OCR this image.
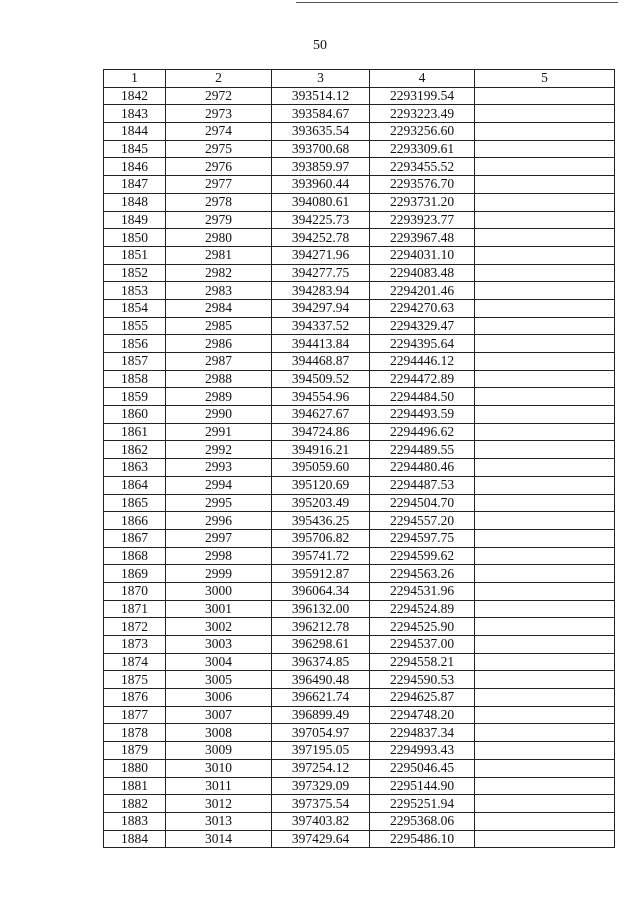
50
1	2	3	4	5
1842	2972	393514.12	2293199.54	
1843	2973	393584.67	2293223.49	
1844	2974	393635.54	2293256.60	
1845	2975	393700.68	2293309.61	
1846	2976	393859.97	2293455.52	
1847	2977	393960.44	2293576.70	
1848	2978	394080.61	2293731.20	
1849	2979	394225.73	2293923.77	
1850	2980	394252.78	2293967.48	
1851	2981	394271.96	2294031.10	
1852	2982	394277.75	2294083.48	
1853	2983	394283.94	2294201.46	
1854	2984	394297.94	2294270.63	
1855	2985	394337.52	2294329.47	
1856	2986	394413.84	2294395.64	
1857	2987	394468.87	2294446.12	
1858	2988	394509.52	2294472.89	
1859	2989	394554.96	2294484.50	
1860	2990	394627.67	2294493.59	
1861	2991	394724.86	2294496.62	
1862	2992	394916.21	2294489.55	
1863	2993	395059.60	2294480.46	
1864	2994	395120.69	2294487.53	
1865	2995	395203.49	2294504.70	
1866	2996	395436.25	2294557.20	
1867	2997	395706.82	2294597.75	
1868	2998	395741.72	2294599.62	
1869	2999	395912.87	2294563.26	
1870	3000	396064.34	2294531.96	
1871	3001	396132.00	2294524.89	
1872	3002	396212.78	2294525.90	
1873	3003	396298.61	2294537.00	
1874	3004	396374.85	2294558.21	
1875	3005	396490.48	2294590.53	
1876	3006	396621.74	2294625.87	
1877	3007	396899.49	2294748.20	
1878	3008	397054.97	2294837.34	
1879	3009	397195.05	2294993.43	
1880	3010	397254.12	2295046.45	
1881	3011	397329.09	2295144.90	
1882	3012	397375.54	2295251.94	
1883	3013	397403.82	2295368.06	
1884	3014	397429.64	2295486.10	
